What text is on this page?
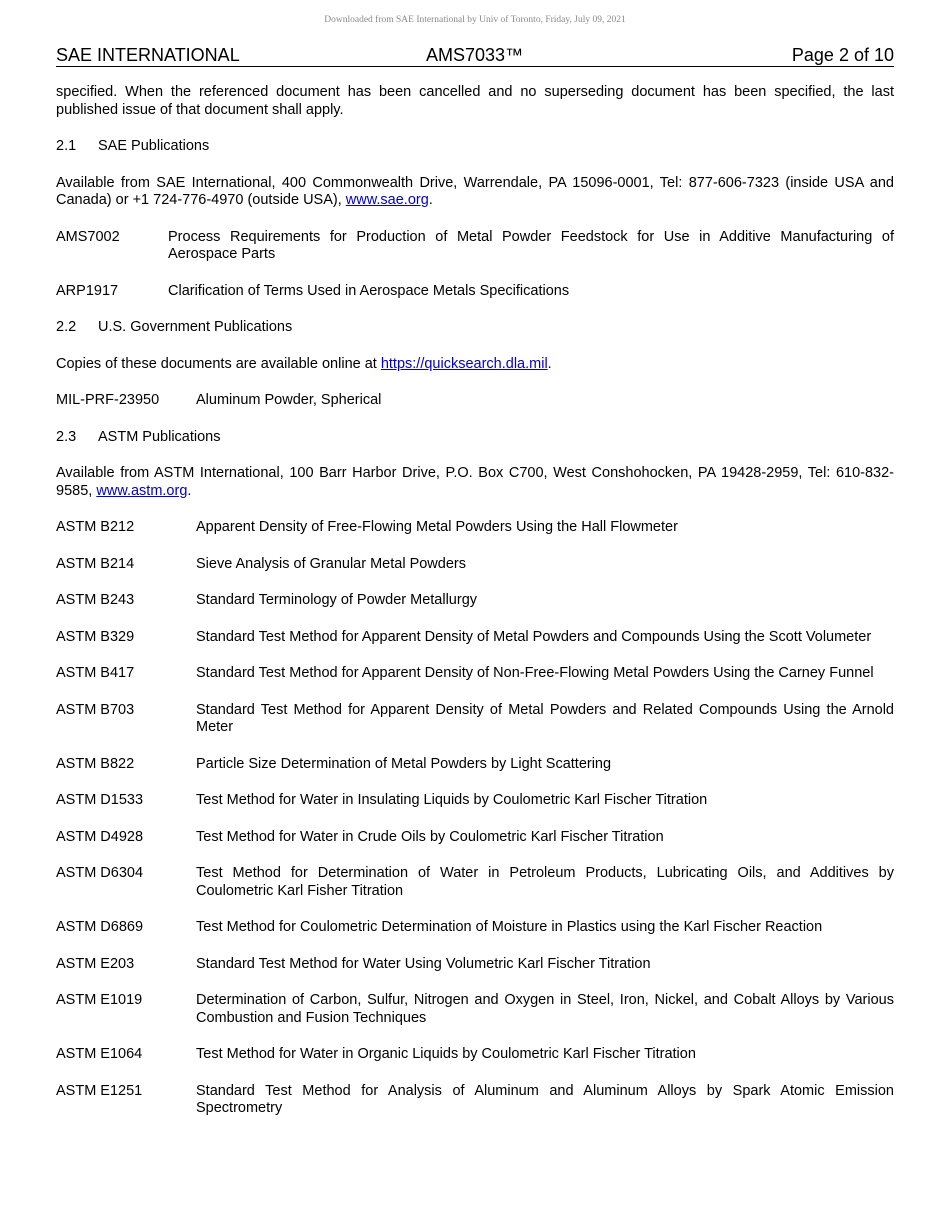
Downloaded from SAE International by Univ of Toronto, Friday, July 09, 2021
SAE INTERNATIONAL	AMS7033™	Page 2 of 10

specified. When the referenced document has been cancelled and no superseding document has been specified, the last published issue of that document shall apply.

2.1 SAE Publications

Available from SAE International, 400 Commonwealth Drive, Warrendale, PA 15096-0001, Tel: 877-606-7323 (inside USA and Canada) or +1 724-776-4970 (outside USA), www.sae.org.

AMS7002	Process Requirements for Production of Metal Powder Feedstock for Use in Additive Manufacturing of Aerospace Parts
ARP1917	Clarification of Terms Used in Aerospace Metals Specifications
2.2 U.S. Government Publications

Copies of these documents are available online at https://quicksearch.dla.mil.

MIL-PRF-23950	Aluminum Powder, Spherical
2.3 ASTM Publications

Available from ASTM International, 100 Barr Harbor Drive, P.O. Box C700, West Conshohocken, PA 19428-2959, Tel: 610-832-9585, www.astm.org.

ASTM B212	Apparent Density of Free-Flowing Metal Powders Using the Hall Flowmeter
ASTM B214	Sieve Analysis of Granular Metal Powders
ASTM B243	Standard Terminology of Powder Metallurgy
ASTM B329	Standard Test Method for Apparent Density of Metal Powders and Compounds Using the Scott Volumeter
ASTM B417	Standard Test Method for Apparent Density of Non-Free-Flowing Metal Powders Using the Carney Funnel
ASTM B703	Standard Test Method for Apparent Density of Metal Powders and Related Compounds Using the Arnold Meter
ASTM B822	Particle Size Determination of Metal Powders by Light Scattering
ASTM D1533	Test Method for Water in Insulating Liquids by Coulometric Karl Fischer Titration
ASTM D4928	Test Method for Water in Crude Oils by Coulometric Karl Fischer Titration
ASTM D6304	Test Method for Determination of Water in Petroleum Products, Lubricating Oils, and Additives by Coulometric Karl Fisher Titration
ASTM D6869	Test Method for Coulometric Determination of Moisture in Plastics using the Karl Fischer Reaction
ASTM E203	Standard Test Method for Water Using Volumetric Karl Fischer Titration
ASTM E1019	Determination of Carbon, Sulfur, Nitrogen and Oxygen in Steel, Iron, Nickel, and Cobalt Alloys by Various Combustion and Fusion Techniques
ASTM E1064	Test Method for Water in Organic Liquids by Coulometric Karl Fischer Titration
ASTM E1251	Standard Test Method for Analysis of Aluminum and Aluminum Alloys by Spark Atomic Emission Spectrometry
